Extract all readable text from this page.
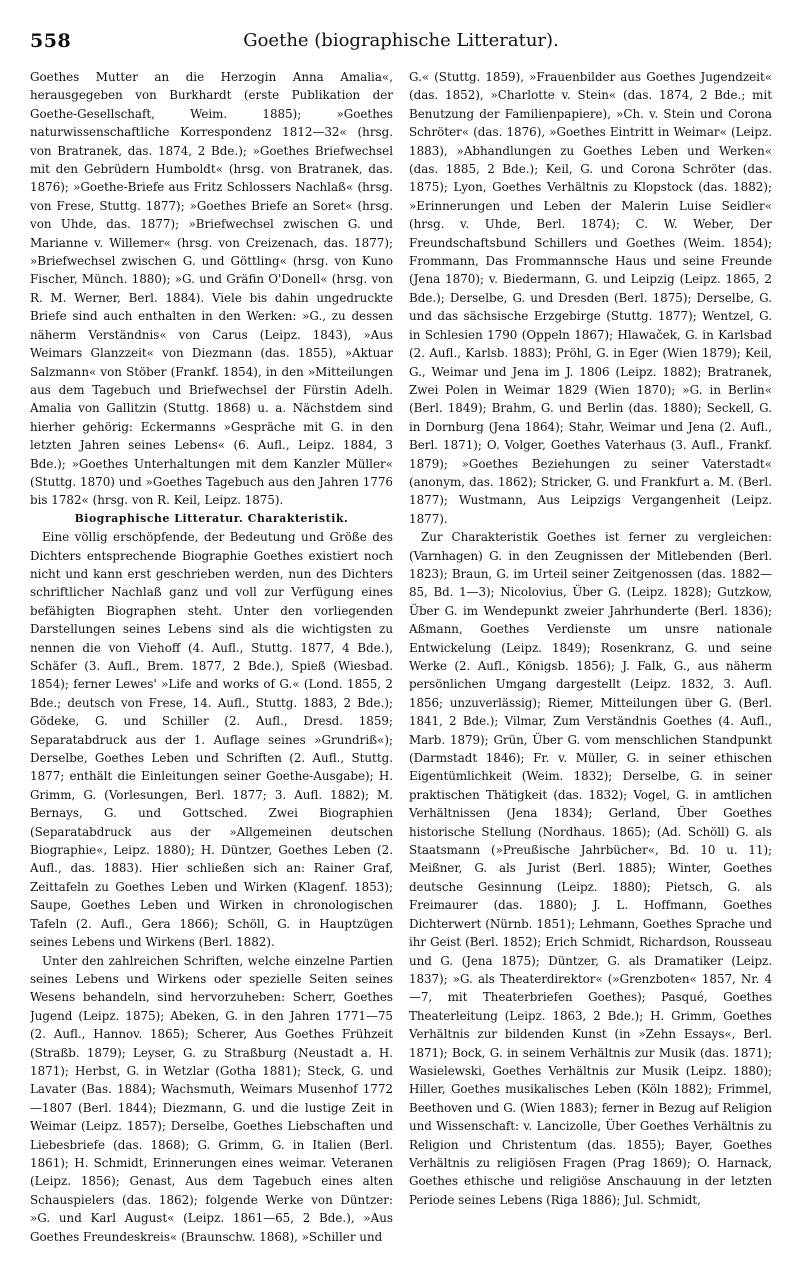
558	Goethe (biographische Litteratur).

Goethes Mutter an die Herzogin Anna Amalia«, herausgegeben von Burkhardt (erste Publikation der Goethe-Gesellschaft, Weim. 1885); »Goethes naturwissenschaftliche Korrespondenz 1812—32« (hrsg. von Bratranek, das. 1874, 2 Bde.); »Goethes Briefwechsel mit den Gebrüdern Humboldt« (hrsg. von Bratranek, das. 1876); »Goethe-Briefe aus Fritz Schlossers Nachlaß« (hrsg. von Frese, Stuttg. 1877); »Goethes Briefe an Soret« (hrsg. von Uhde, das. 1877); »Briefwechsel zwischen G. und Marianne v. Willemer« (hrsg. von Creizenach, das. 1877); »Briefwechsel zwischen G. und Göttling« (hrsg. von Kuno Fischer, Münch. 1880); »G. und Gräfin O'Donell« (hrsg. von R. M. Werner, Berl. 1884). Viele bis dahin ungedruckte Briefe sind auch enthalten in den Werken: »G., zu dessen näherm Verständnis« von Carus (Leipz. 1843), »Aus Weimars Glanzzeit« von Diezmann (das. 1855), »Aktuar Salzmann« von Stöber (Frankf. 1854), in den »Mitteilungen aus dem Tagebuch und Briefwechsel der Fürstin Adelh. Amalia von Gallitzin (Stuttg. 1868) u. a. Nächstdem sind hierher gehörig: Eckermanns »Gespräche mit G. in den letzten Jahren seines Lebens« (6. Aufl., Leipz. 1884, 3 Bde.); »Goethes Unterhaltungen mit dem Kanzler Müller« (Stuttg. 1870) und »Goethes Tagebuch aus den Jahren 1776 bis 1782« (hrsg. von R. Keil, Leipz. 1875).

Biographische Litteratur. Charakteristik.

Eine völlig erschöpfende, der Bedeutung und Größe des Dichters entsprechende Biographie Goethes existiert noch nicht und kann erst geschrieben werden, nun des Dichters schriftlicher Nachlaß ganz und voll zur Verfügung eines befähigten Biographen steht. Unter den vorliegenden Darstellungen seines Lebens sind als die wichtigsten zu nennen die von Viehoff (4. Aufl., Stuttg. 1877, 4 Bde.), Schäfer (3. Aufl., Brem. 1877, 2 Bde.), Spieß (Wiesbad. 1854); ferner Lewes' »Life and works of G.« (Lond. 1855, 2 Bde.; deutsch von Frese, 14. Aufl., Stuttg. 1883, 2 Bde.); Gödeke, G. und Schiller (2. Aufl., Dresd. 1859; Separatabdruck aus der 1. Auflage seines »Grundriß«); Derselbe, Goethes Leben und Schriften (2. Aufl., Stuttg. 1877; enthält die Einleitungen seiner Goethe-Ausgabe); H. Grimm, G. (Vorlesungen, Berl. 1877; 3. Aufl. 1882); M. Bernays, G. und Gottsched. Zwei Biographien (Separatabdruck aus der »Allgemeinen deutschen Biographie«, Leipz. 1880); H. Düntzer, Goethes Leben (2. Aufl., das. 1883). Hier schließen sich an: Rainer Graf, Zeittafeln zu Goethes Leben und Wirken (Klagenf. 1853); Saupe, Goethes Leben und Wirken in chronologischen Tafeln (2. Aufl., Gera 1866); Schöll, G. in Hauptzügen seines Lebens und Wirkens (Berl. 1882).

Unter den zahlreichen Schriften, welche einzelne Partien seines Lebens und Wirkens oder spezielle Seiten seines Wesens behandeln, sind hervorzuheben: Scherr, Goethes Jugend (Leipz. 1875); Abeken, G. in den Jahren 1771—75 (2. Aufl., Hannov. 1865); Scherer, Aus Goethes Frühzeit (Straßb. 1879); Leyser, G. zu Straßburg (Neustadt a. H. 1871); Herbst, G. in Wetzlar (Gotha 1881); Steck, G. und Lavater (Bas. 1884); Wachsmuth, Weimars Musenhof 1772—1807 (Berl. 1844); Diezmann, G. und die lustige Zeit in Weimar (Leipz. 1857); Derselbe, Goethes Liebschaften und Liebesbriefe (das. 1868); G. Grimm, G. in Italien (Berl. 1861); H. Schmidt, Erinnerungen eines weimar. Veteranen (Leipz. 1856); Genast, Aus dem Tagebuch eines alten Schauspielers (das. 1862); folgende Werke von Düntzer: »G. und Karl August« (Leipz. 1861—65, 2 Bde.), »Aus Goethes Freundeskreis« (Braunschw. 1868), »Schiller und

G.« (Stuttg. 1859), »Frauenbilder aus Goethes Jugendzeit« (das. 1852), »Charlotte v. Stein« (das. 1874, 2 Bde.; mit Benutzung der Familienpapiere), »Ch. v. Stein und Corona Schröter« (das. 1876), »Goethes Eintritt in Weimar« (Leipz. 1883), »Abhandlungen zu Goethes Leben und Werken« (das. 1885, 2 Bde.); Keil, G. und Corona Schröter (das. 1875); Lyon, Goethes Verhältnis zu Klopstock (das. 1882); »Erinnerungen und Leben der Malerin Luise Seidler« (hrsg. v. Uhde, Berl. 1874); C. W. Weber, Der Freundschaftsbund Schillers und Goethes (Weim. 1854); Frommann, Das Frommannsche Haus und seine Freunde (Jena 1870); v. Biedermann, G. und Leipzig (Leipz. 1865, 2 Bde.); Derselbe, G. und Dresden (Berl. 1875); Derselbe, G. und das sächsische Erzgebirge (Stuttg. 1877); Wentzel, G. in Schlesien 1790 (Oppeln 1867); Hlawaček, G. in Karlsbad (2. Aufl., Karlsb. 1883); Pröhl, G. in Eger (Wien 1879); Keil, G., Weimar und Jena im J. 1806 (Leipz. 1882); Bratranek, Zwei Polen in Weimar 1829 (Wien 1870); »G. in Berlin« (Berl. 1849); Brahm, G. und Berlin (das. 1880); Seckell, G. in Dornburg (Jena 1864); Stahr, Weimar und Jena (2. Aufl., Berl. 1871); O. Volger, Goethes Vaterhaus (3. Aufl., Frankf. 1879); »Goethes Beziehungen zu seiner Vaterstadt« (anonym, das. 1862); Stricker, G. und Frankfurt a. M. (Berl. 1877); Wustmann, Aus Leipzigs Vergangenheit (Leipz. 1877).

Zur Charakteristik Goethes ist ferner zu vergleichen: (Varnhagen) G. in den Zeugnissen der Mitlebenden (Berl. 1823); Braun, G. im Urteil seiner Zeitgenossen (das. 1882—85, Bd. 1—3); Nicolovius, Über G. (Leipz. 1828); Gutzkow, Über G. im Wendepunkt zweier Jahrhunderte (Berl. 1836); Aßmann, Goethes Verdienste um unsre nationale Entwickelung (Leipz. 1849); Rosenkranz, G. und seine Werke (2. Aufl., Königsb. 1856); J. Falk, G., aus näherm persönlichen Umgang dargestellt (Leipz. 1832, 3. Aufl. 1856; unzuverlässig); Riemer, Mitteilungen über G. (Berl. 1841, 2 Bde.); Vilmar, Zum Verständnis Goethes (4. Aufl., Marb. 1879); Grün, Über G. vom menschlichen Standpunkt (Darmstadt 1846); Fr. v. Müller, G. in seiner ethischen Eigentümlichkeit (Weim. 1832); Derselbe, G. in seiner praktischen Thätigkeit (das. 1832); Vogel, G. in amtlichen Verhältnissen (Jena 1834); Gerland, Über Goethes historische Stellung (Nordhaus. 1865); (Ad. Schöll) G. als Staatsmann (»Preußische Jahrbücher«, Bd. 10 u. 11); Meißner, G. als Jurist (Berl. 1885); Winter, Goethes deutsche Gesinnung (Leipz. 1880); Pietsch, G. als Freimaurer (das. 1880); J. L. Hoffmann, Goethes Dichterwert (Nürnb. 1851); Lehmann, Goethes Sprache und ihr Geist (Berl. 1852); Erich Schmidt, Richardson, Rousseau und G. (Jena 1875); Düntzer, G. als Dramatiker (Leipz. 1837); »G. als Theaterdirektor« (»Grenzboten« 1857, Nr. 4—7, mit Theaterbriefen Goethes); Pasqué, Goethes Theaterleitung (Leipz. 1863, 2 Bde.); H. Grimm, Goethes Verhältnis zur bildenden Kunst (in »Zehn Essays«, Berl. 1871); Bock, G. in seinem Verhältnis zur Musik (das. 1871); Wasielewski, Goethes Verhältnis zur Musik (Leipz. 1880); Hiller, Goethes musikalisches Leben (Köln 1882); Frimmel, Beethoven und G. (Wien 1883); ferner in Bezug auf Religion und Wissenschaft: v. Lancizolle, Über Goethes Verhältnis zu Religion und Christentum (das. 1855); Bayer, Goethes Verhältnis zu religiösen Fragen (Prag 1869); O. Harnack, Goethes ethische und religiöse Anschauung in der letzten Periode seines Lebens (Riga 1886); Jul. Schmidt,
